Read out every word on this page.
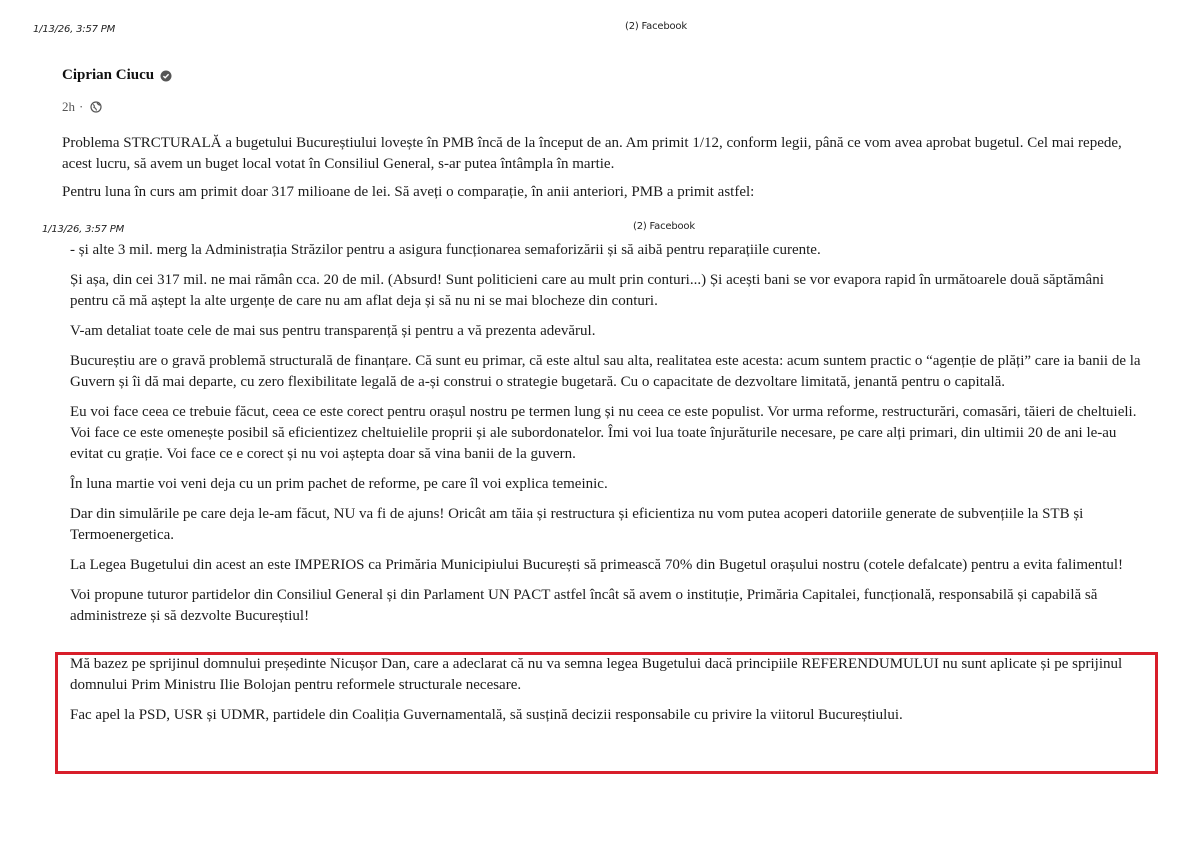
1/13/26, 3:57 PM	(2) Facebook
Ciprian Ciucu
2h ·

Problema STRCTURALĂ a bugetului Bucureștiului lovește în PMB încă de la început de an. Am primit 1/12, conform legii, până ce vom avea aprobat bugetul. Cel mai repede, acest lucru, să avem un buget local votat în Consiliul General, s-ar putea întâmpla în martie.

Pentru luna în curs am primit doar 317 milioane de lei. Să aveți o comparație, în anii anteriori, PMB a primit astfel:

1/13/26, 3:57 PM	(2) Facebook

- și alte 3 mil. merg la Administrația Străzilor pentru a asigura funcționarea semaforizării și să aibă pentru reparațiile curente.

Și așa, din cei 317 mil. ne mai rămân cca. 20 de mil. (Absurd! Sunt politicieni care au mult prin conturi...) Și acești bani se vor evapora rapid în următoarele două săptămâni pentru că mă aștept la alte urgențe de care nu am aflat deja și să nu ni se mai blocheze din conturi.

V-am detaliat toate cele de mai sus pentru transparență și pentru a vă prezenta adevărul.

Bucureștiu are o gravă problemă structurală de finanțare. Că sunt eu primar, că este altul sau alta, realitatea este acesta: acum suntem practic o “agenție de plăți” care ia banii de la Guvern și îi dă mai departe, cu zero flexibilitate legală de a-și construi o strategie bugetară. Cu o capacitate de dezvoltare limitată, jenantă pentru o capitală.

Eu voi face ceea ce trebuie făcut, ceea ce este corect pentru orașul nostru pe termen lung și nu ceea ce este populist. Vor urma reforme, restructurări, comasări, tăieri de cheltuieli. Voi face ce este omenește posibil să eficientizez cheltuielile proprii și ale subordonatelor. Îmi voi lua toate înjurăturile necesare, pe care alți primari, din ultimii 20 de ani le-au evitat cu grație. Voi face ce e corect și nu voi aștepta doar să vina banii de la guvern.

În luna martie voi veni deja cu un prim pachet de reforme, pe care îl voi explica temeinic.

Dar din simulările pe care deja le-am făcut, NU va fi de ajuns! Oricât am tăia și restructura și eficientiza nu vom putea acoperi datoriile generate de subvențiile la STB și Termoenergetica.

La Legea Bugetului din acest an este IMPERIOS ca Primăria Municipiului București să primească 70% din Bugetul orașului nostru (cotele defalcate) pentru a evita falimentul!

Voi propune tuturor partidelor din Consiliul General și din Parlament UN PACT astfel încât să avem o instituție, Primăria Capitalei, funcțională, responsabilă și capabilă să administreze și să dezvolte Bucureștiul!

Mă bazez pe sprijinul domnului președinte Nicușor Dan, care a adeclarat că nu va semna legea Bugetului dacă principiile REFERENDUMULUI nu sunt aplicate și pe sprijinul domnului Prim Ministru Ilie Bolojan pentru reformele structurale necesare.

Fac apel la PSD, USR și UDMR, partidele din Coaliția Guvernamentală, să susțină decizii responsabile cu privire la viitorul Bucureștiului.
